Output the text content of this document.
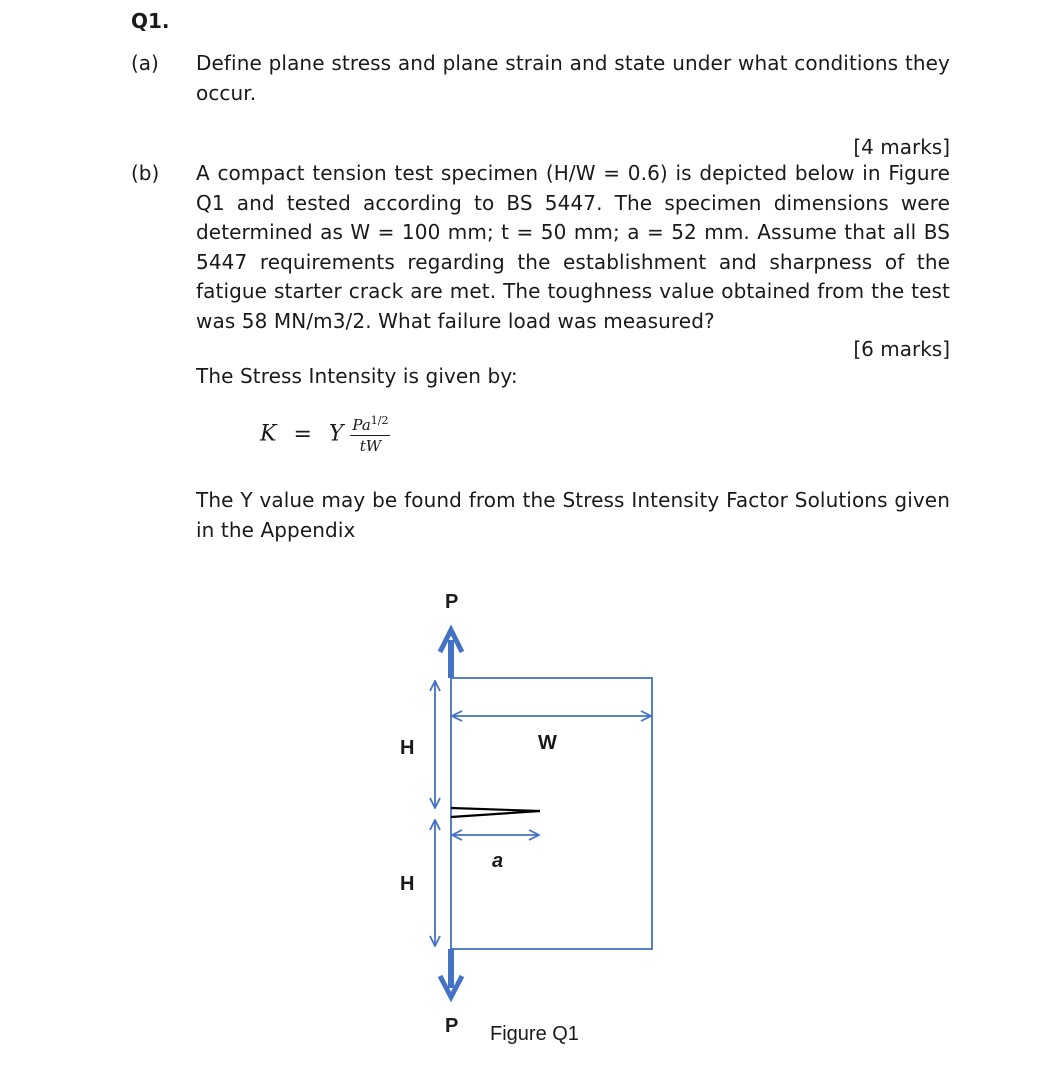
Q1.
(a) Define plane stress and plane strain and state under what conditions they occur.
[4 marks]
(b) A compact tension test specimen (H/W = 0.6) is depicted below in Figure Q1 and tested according to BS 5447. The specimen dimensions were determined as W = 100 mm; t = 50 mm; a = 52 mm. Assume that all BS 5447 requirements regarding the establishment and sharpness of the fatigue starter crack are met. The toughness value obtained from the test was 58 MN/m3/2. What failure load was measured?
[6 marks]
The Stress Intensity is given by:
K = Y $\frac{Pa^{1/2}}{tW}$
The Y value may be found from the Stress Intensity Factor Solutions given in the Appendix
P
P
H
H
W
a
Figure Q1
